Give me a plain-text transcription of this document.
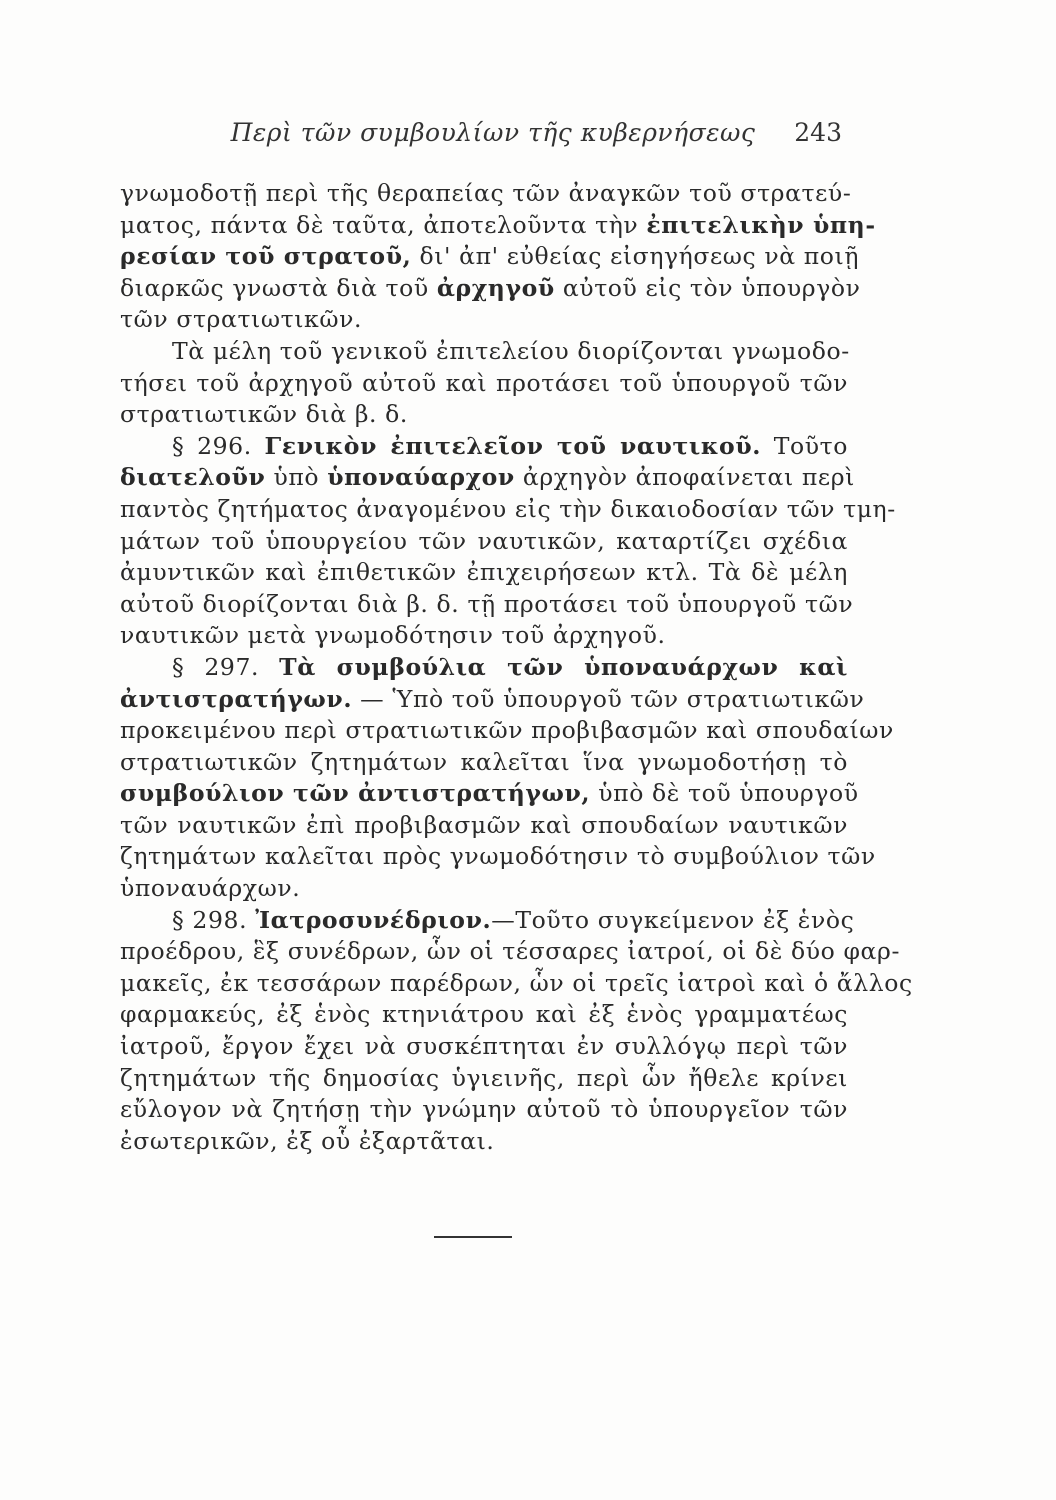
Περὶ τῶν συμβουλίων τῆς κυβερνήσεως	243
γνωμοδοτῇ περὶ τῆς θεραπείας τῶν ἀναγκῶν τοῦ στρατεύ-
ματος, πάντα δὲ ταῦτα, ἀποτελοῦντα τὴν ἐπιτελικὴν ὑπη-
ρεσίαν τοῦ στρατοῦ, δι' ἀπ' εὐθείας εἰσηγήσεως νὰ ποιῇ
διαρκῶς γνωστὰ διὰ τοῦ ἀρχηγοῦ αὐτοῦ εἰς τὸν ὑπουργὸν
τῶν στρατιωτικῶν.
Τὰ μέλη τοῦ γενικοῦ ἐπιτελείου διορίζονται γνωμοδο-
τήσει τοῦ ἀρχηγοῦ αὐτοῦ καὶ προτάσει τοῦ ὑπουργοῦ τῶν
στρατιωτικῶν διὰ β. δ.
§ 296. Γενικὸν ἐπιτελεῖον τοῦ ναυτικοῦ. Τοῦτο
διατελοῦν ὑπὸ ὑποναύαρχον ἀρχηγὸν ἀποφαίνεται περὶ
παντὸς ζητήματος ἀναγομένου εἰς τὴν δικαιοδοσίαν τῶν τμη-
μάτων τοῦ ὑπουργείου τῶν ναυτικῶν, καταρτίζει σχέδια
ἀμυντικῶν καὶ ἐπιθετικῶν ἐπιχειρήσεων κτλ. Τὰ δὲ μέλη
αὐτοῦ διορίζονται διὰ β. δ. τῇ προτάσει τοῦ ὑπουργοῦ τῶν
ναυτικῶν μετὰ γνωμοδότησιν τοῦ ἀρχηγοῦ.
§ 297. Τὰ συμβούλια τῶν ὑποναυάρχων καὶ
ἀντιστρατήγων. — Ὑπὸ τοῦ ὑπουργοῦ τῶν στρατιωτικῶν
προκειμένου περὶ στρατιωτικῶν προβιβασμῶν καὶ σπουδαίων
στρατιωτικῶν ζητημάτων καλεῖται ἵνα γνωμοδοτήσῃ τὸ
συμβούλιον τῶν ἀντιστρατήγων, ὑπὸ δὲ τοῦ ὑπουργοῦ
τῶν ναυτικῶν ἐπὶ προβιβασμῶν καὶ σπουδαίων ναυτικῶν
ζητημάτων καλεῖται πρὸς γνωμοδότησιν τὸ συμβούλιον τῶν
ὑποναυάρχων.
§ 298. Ἰατροσυνέδριον.—Τοῦτο συγκείμενον ἐξ ἑνὸς
προέδρου, ἓξ συνέδρων, ὧν οἱ τέσσαρες ἰατροί, οἱ δὲ δύο φαρ-
μακεῖς, ἐκ τεσσάρων παρέδρων, ὧν οἱ τρεῖς ἰατροὶ καὶ ὁ ἄλλος
φαρμακεύς, ἐξ ἑνὸς κτηνιάτρου καὶ ἐξ ἑνὸς γραμματέως
ἰατροῦ, ἔργον ἔχει νὰ συσκέπτηται ἐν συλλόγῳ περὶ τῶν
ζητημάτων τῆς δημοσίας ὑγιεινῆς, περὶ ὧν ἤθελε κρίνει
εὔλογον νὰ ζητήσῃ τὴν γνώμην αὐτοῦ τὸ ὑπουργεῖον τῶν
ἐσωτερικῶν, ἐξ οὗ ἐξαρτᾶται.
